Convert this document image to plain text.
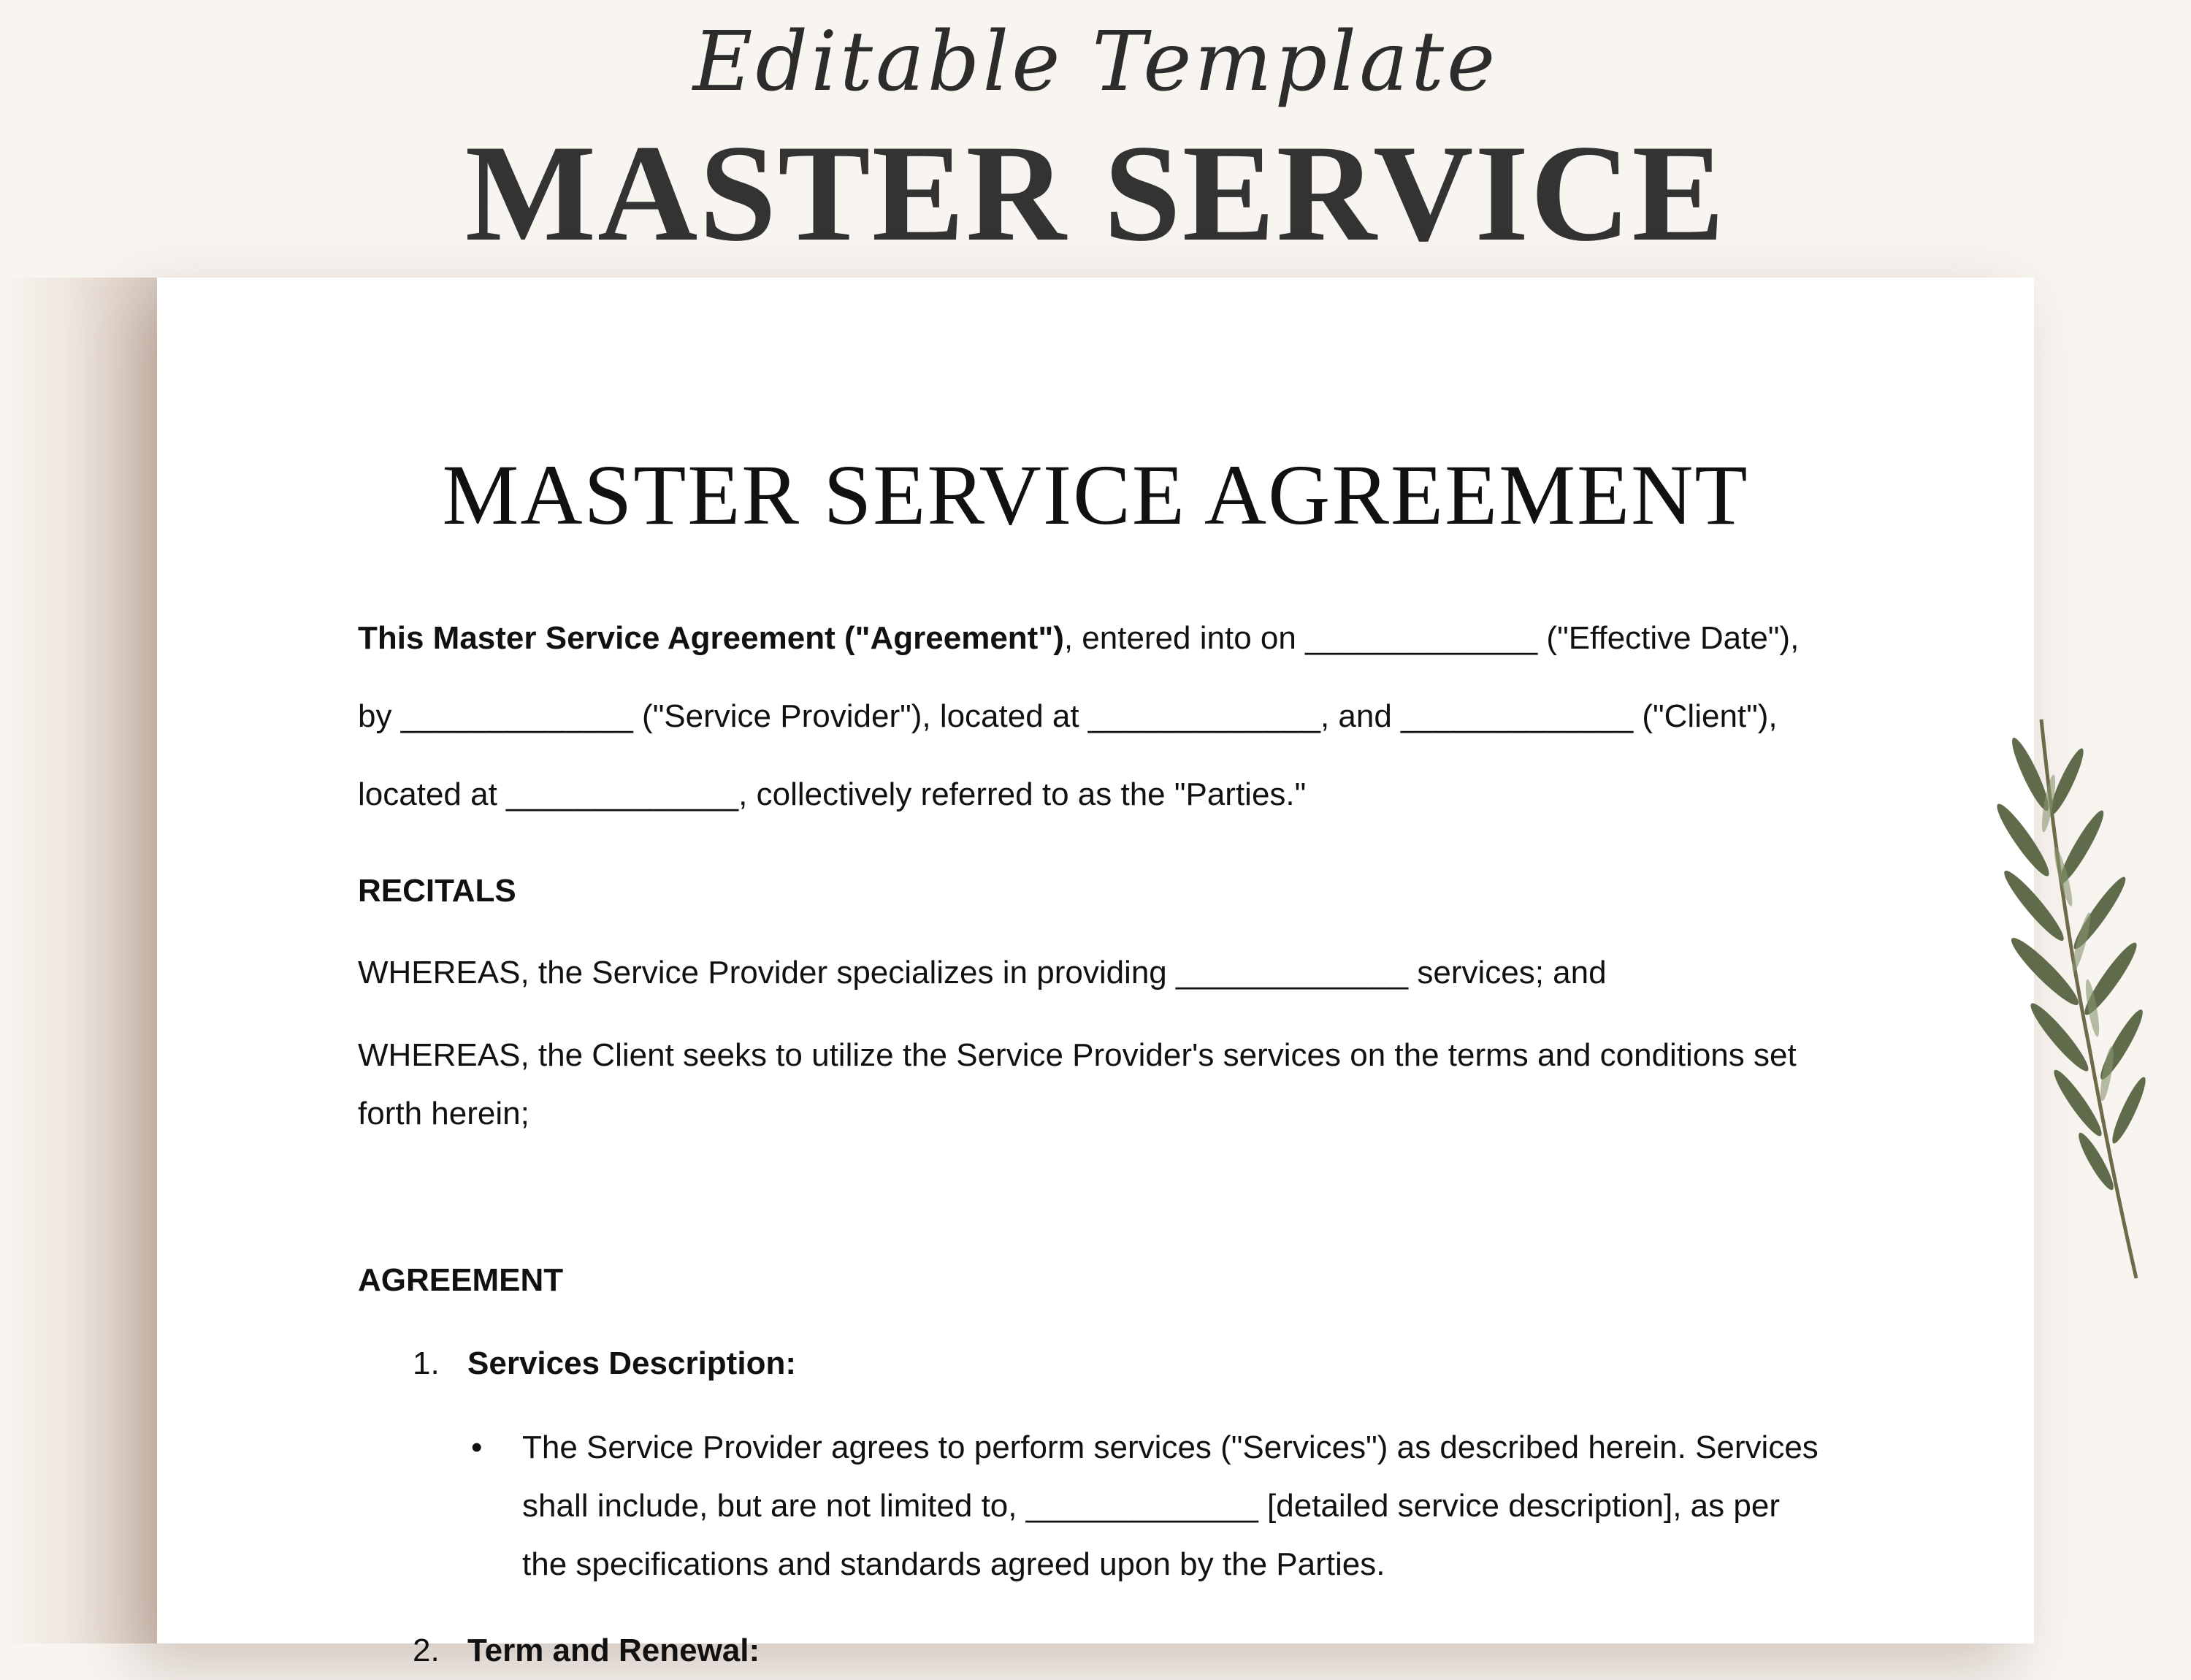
Editable Template
MASTER SERVICE
MASTER SERVICE AGREEMENT
This Master Service Agreement ("Agreement"), entered into on _____________ ("Effective Date"), by _____________ ("Service Provider"), located at _____________, and _____________ ("Client"), located at _____________, collectively referred to as the "Parties."
RECITALS
WHEREAS, the Service Provider specializes in providing _____________ services; and
WHEREAS, the Client seeks to utilize the Service Provider's services on the terms and conditions set forth herein;
AGREEMENT
1. Services Description:
• The Service Provider agrees to perform services ("Services") as described herein. Services shall include, but are not limited to, _____________ [detailed service description], as per the specifications and standards agreed upon by the Parties.
2. Term and Renewal:
